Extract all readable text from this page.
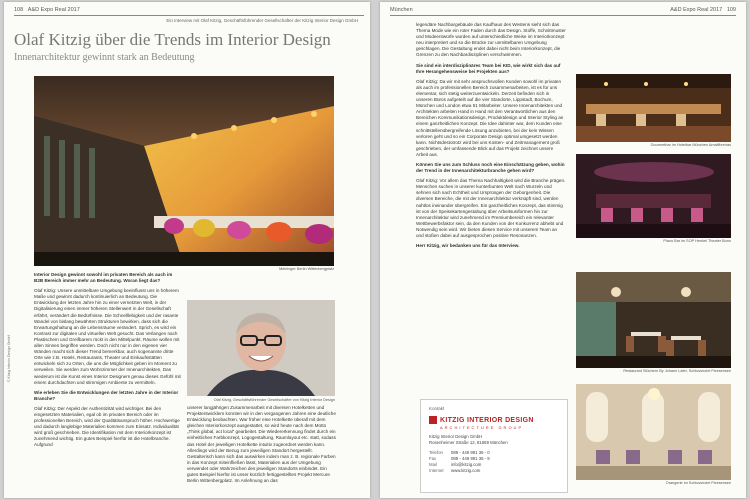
108 A&D Expo Real 2017
Ein Interview mit Olaf Kitzig, Geschäftsführender Gesellschafter der Kitzig Interior Design GmbH
Olaf Kitzig über die Trends im Interior Design
Innenarchitektur gewinnt stark an Bedeutung
Meininger Berlin Wittenbergplatz
Olaf Kitzig, Geschäftsführender Gesellschafter von Kitzig Interior Design

Interior Design gewinnt sowohl im privaten Bereich als auch im B2B Bereich immer mehr an Bedeutung. Woran liegt das?

Olaf Kitzig: Unsere unmittelbare Umgebung beeinflusst uns in höherem Maße und gewinnt dadurch kontinuierlich an Bedeutung. Die Entwicklung der letzten Jahre hin zu einer vernetzten Welt, in der Digitalisierung einen immer höheren Stellenwert in der Gesellschaft erfährt, verändert die Bedürfnisse. Die Schnelllebigkeit und der rasante Wandel von bislang bewährten Strukturen bewirken, dass sich die Erwartungshaltung an die Lebensräume verändert. Sprich, es wird ein Kontrast zur digitalen und virtuellen Welt gesucht. Das Verlangen nach Plastischem und Greifbarem rückt in den Mittelpunkt. Räume wollen mit allen Sinnen begriffen werden. Doch nicht nur in den eigenen vier Wänden macht sich dieser Trend bemerkbar, auch sogenannte dritte Orte wie z.B. Hotels, Restaurants, Theater und Einkaufsstätten entwickeln sich zu Orten, die uns die Möglichkeit geben im Moment zu verweilen. Sie werden zum Wohnzimmer der Innenarchitekten, Das wiederum ist die Kunst eines Interior Designers genau dieses Gefühl mit einem durchdachten und stimmigen Ambiente zu vermitteln.

Wie erleben Sie die Entwicklungen der letzten Jahre in der Interior Branche?

Olaf Kitzig: Der Aspekt der Authentizität wird wichtiger. Bei den eingesetzten Materialien, egal ob im privaten Bereich oder im professionellen Bereich, wird der Qualitätsanspruch höher. Hochwertige und dadurch langlebige Materialien kommen zum Einsatz. Individualität wird groß geschrieben. Die Identifikation mit dem Interiorkonzept ist zunehmend wichtig. Ein gutes Beispiel hierfür ist die Hotelbranche. Aufgrund

unserer langjährigen Zusammenarbeit mit diversen Hotelketten und Projektentwicklern konnten wir in den vergangenen Jahren eine deutliche Entwicklung beobachten. War früher eine Hotelkette überall mit dem gleichen Interiorkonzept ausgestattet, so wird heute nach dem Motto „Think global, act local“ gearbeitet. Die Wiedererkennung findet durch ein einheitliches Farbkonzept, Logogestaltung, Raumlayout etc. statt, sodass das Hotel der jeweiligen Hotelkette intuitiv zugeordnet werden kann. Allerdings wird der Bezug zum jeweiligen Standort hergestellt. Gestalterisch kann sich das auswirken indem man z. B. regionale Farben in das Konzept miteinfließen lässt, Materialien aus der Umgebung verwendet oder Wahrzeichen des jeweiligen Standorts einbindet. Ein gutes Beispiel hierfür ist unser kürzlich fertiggestelltes Projekt Mercure Berlin Wittenbergplatz. Im Anlehnung an das

© Kitzig Interior Design GmbH
München	A&D Expo Real 2017 109

legendäre Nachbargebäude das Kaufhaus des Westens sieht sich das Thema Mode wie ein roter Faden durch das Design. Stoffe, Schnittmuster und Modeentwürfe wurden auf unterschiedliche Weise im Interiorkonzept neu interpretiert und so die Brücke zur unmittelbaren Umgebung geschlagen. Die Gestaltung endet dabei nicht beim Interiorkonzept, die Grenzen zu den Nachbardisziplinen verschwimmen.

Sie sind ein interdisziplinäres Team bei KID, wie wirkt sich das auf Ihre Herangehensweise bei Projekten aus?

Olaf Kitzig: Da wir mit sehr anspruchsvollen Kunden sowohl im privaten als auch im professionellen Bereich zusammenarbeiten, ist es für uns elementar, sich stetig weiterzuentwickeln. Derzeit befinden sich in unseren Büros aufgeteilt auf die vier Standorte, Lippstadt, Bochum, München und London etwa 51 Mitarbeiter. Unsere Innenarchitekten und Architekten arbeiten Hand in Hand mit den Verantwortlichen aus den Bereichen Kommunikationsdesign, Produktdesign und Interior Styling an einem ganzheitlichen Konzept. Die Idee dahinter war, dem Kunden eine schnittstellenübergreifende Lösung anzubieten, bei der kein Wissen verloren geht und so ein Corporate Design optimal umgesetzt werden kann. Nichtsdestotrotz wird bei uns Kosten- und Zeitmanagement groß geschrieben, der umfassende Blick auf das Projekt zeichnet unsere Arbeit aus.

Können Sie uns zum Schluss noch eine Einschätzung geben, wohin der Trend in der Innenarchitekturbranche gehen wird?

Olaf Kitzig: Vor allem das Thema Nachhaltigkeit wird die Branche prägen. Menschen suchen in unserer kunterbunten Welt nach Wurzeln und sehnen sich nach Echtheit und Ursprüngen der Geborgenheit. Die diversen Bereiche, die mit der Innenarchitektur verknüpft sind, werden nahtlos ineinander übergreifen. Ein ganzheitliches Konzept, das stimmig ist von der Speisekartengestaltung über Arbeitsuniformen hin zur Innenarchitektur wird zunehmend im Premiumbereich ein relevanter Wettbewerbsfaktor sein, da den Kunden von der Konkurrenz abhebt und Notwendig sein wird. Wir bieten diesen Service mit unserem Team an und stoßen dabei auf ausgesprochen positive Resonanzen.

Herr Kitzig, wir bedanken uns für das Interview.

Gourmetbar im Hotelbar München Amalfibreiras
Piano Bar im SOP Henkel Theater Bonn
Restaurant Stüchern By Johann Lafer, Schlosshotel Fleesensee
Orangerie im Schlosshotel Fleesensee
Kontakt
KITZIG INTERIOR DESIGN
ARCHITECTURE GROUP
Kitzig Interior Design GmbH
Rosenheimer Straße 12, 81669 München
Telefon	089 - 449 991 36 - 0
Fax	089 - 449 991 36 - 9
Mail	info@kitzig.com
Internet	www.kitzig.com
